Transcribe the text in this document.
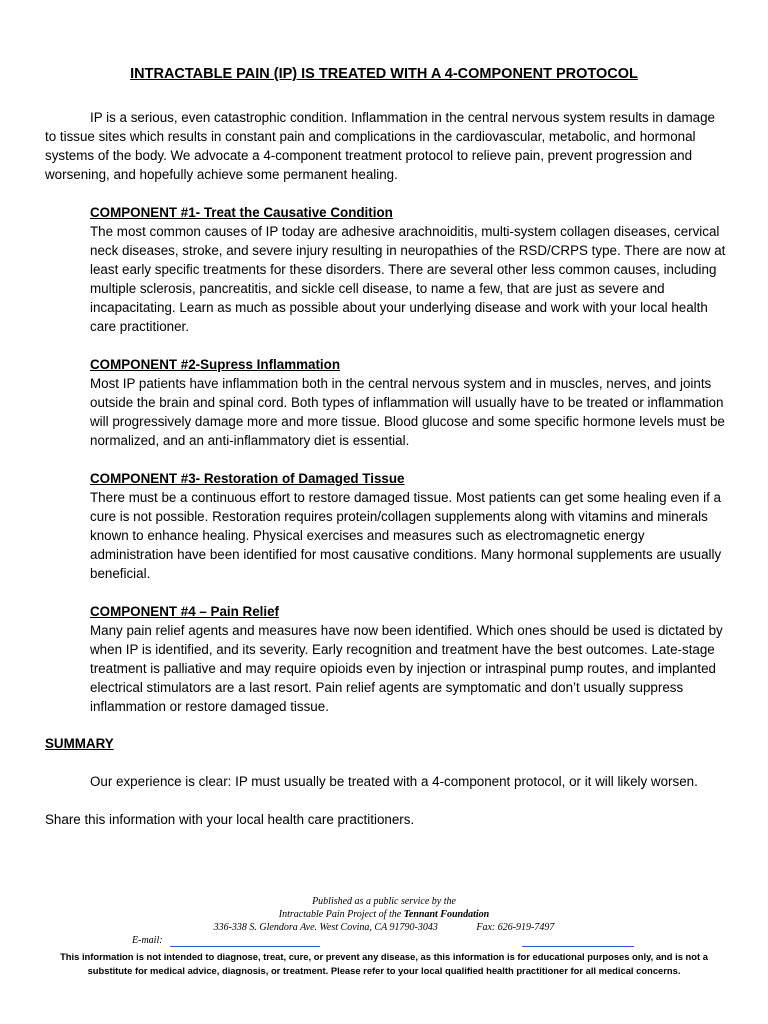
INTRACTABLE PAIN (IP) IS TREATED WITH A 4-COMPONENT PROTOCOL

IP is a serious, even catastrophic condition. Inflammation in the central nervous system results in damage to tissue sites which results in constant pain and complications in the cardiovascular, metabolic, and hormonal systems of the body. We advocate a 4-component treatment protocol to relieve pain, prevent progression and worsening, and hopefully achieve some permanent healing.

COMPONENT #1- Treat the Causative Condition

The most common causes of IP today are adhesive arachnoiditis, multi-system collagen diseases, cervical neck diseases, stroke, and severe injury resulting in neuropathies of the RSD/CRPS type. There are now at least early specific treatments for these disorders. There are several other less common causes, including multiple sclerosis, pancreatitis, and sickle cell disease, to name a few, that are just as severe and incapacitating. Learn as much as possible about your underlying disease and work with your local health care practitioner.

COMPONENT #2-Supress Inflammation

Most IP patients have inflammation both in the central nervous system and in muscles, nerves, and joints outside the brain and spinal cord. Both types of inflammation will usually have to be treated or inflammation will progressively damage more and more tissue. Blood glucose and some specific hormone levels must be normalized, and an anti-inflammatory diet is essential.

COMPONENT #3- Restoration of Damaged Tissue

There must be a continuous effort to restore damaged tissue. Most patients can get some healing even if a cure is not possible. Restoration requires protein/collagen supplements along with vitamins and minerals known to enhance healing. Physical exercises and measures such as electromagnetic energy administration have been identified for most causative conditions. Many hormonal supplements are usually beneficial.

COMPONENT #4 – Pain Relief

Many pain relief agents and measures have now been identified. Which ones should be used is dictated by when IP is identified, and its severity. Early recognition and treatment have the best outcomes. Late-stage treatment is palliative and may require opioids even by injection or intraspinal pump routes, and implanted electrical stimulators are a last resort. Pain relief agents are symptomatic and don’t usually suppress inflammation or restore damaged tissue.

SUMMARY

Our experience is clear: IP must usually be treated with a 4-component protocol, or it will likely worsen.

Share this information with your local health care practitioners.

Published as a public service by the
Intractable Pain Project of the Tennant Foundation
336-338 S. Glendora Ave. West Covina, CA 91790-3043	Fax: 626-919-7497
E-mail:
This information is not intended to diagnose, treat, cure, or prevent any disease, as this information is for educational purposes only, and is not a substitute for medical advice, diagnosis, or treatment. Please refer to your local qualified health practitioner for all medical concerns.
